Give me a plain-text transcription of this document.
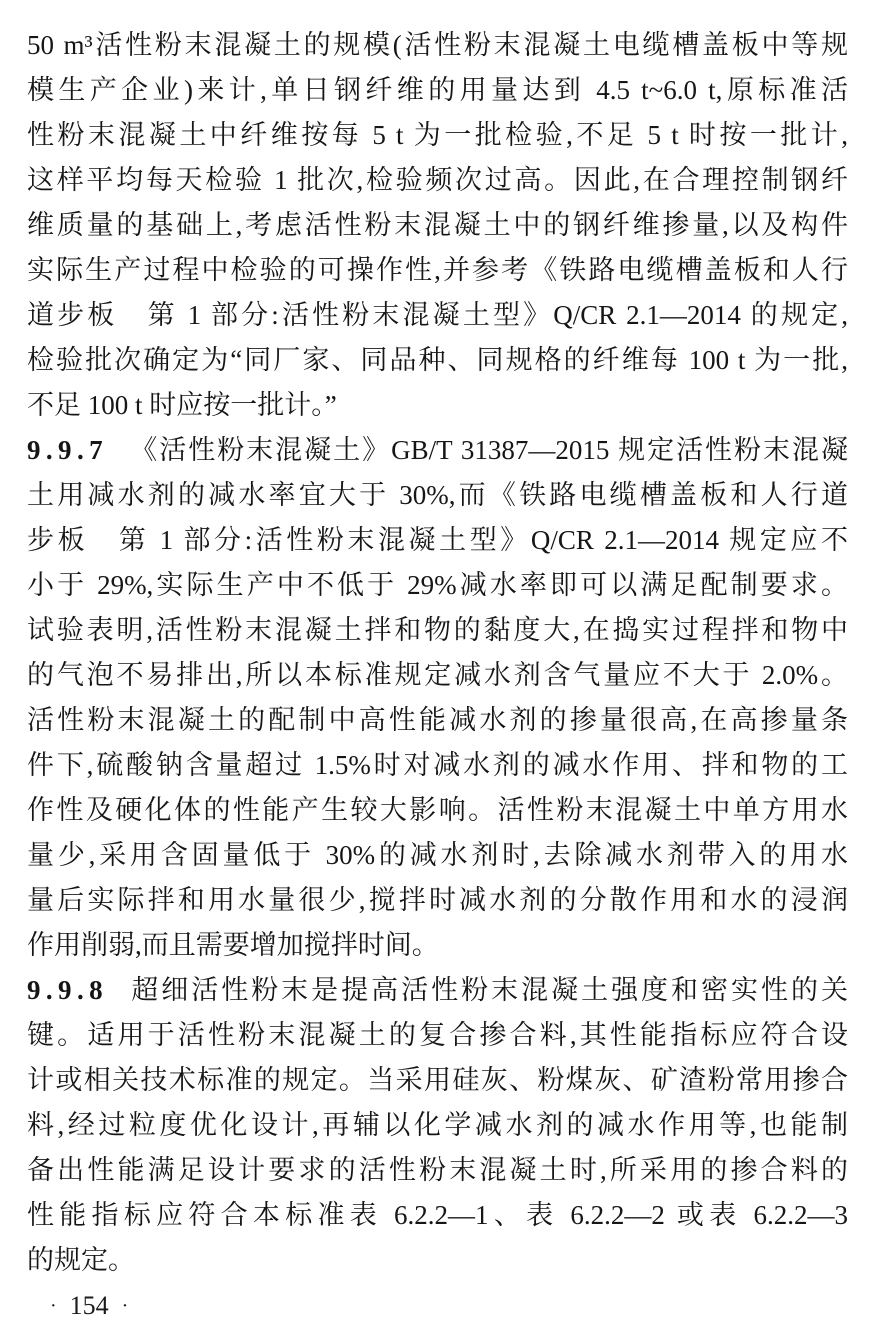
50 m³活性粉末混凝土的规模(活性粉末混凝土电缆槽盖板中等规
模生产企业)来计,单日钢纤维的用量达到 4.5 t~6.0 t,原标准活
性粉末混凝土中纤维按每 5 t 为一批检验,不足 5 t 时按一批计,
这样平均每天检验 1 批次,检验频次过高。因此,在合理控制钢纤
维质量的基础上,考虑活性粉末混凝土中的钢纤维掺量,以及构件
实际生产过程中检验的可操作性,并参考《铁路电缆槽盖板和人行
道步板　第 1 部分:活性粉末混凝土型》Q/CR 2.1—2014 的规定,
检验批次确定为“同厂家、同品种、同规格的纤维每 100 t 为一批,
不足 100 t 时应按一批计。”
9.9.7 《活性粉末混凝土》GB/T 31387—2015 规定活性粉末混凝
土用减水剂的减水率宜大于 30%,而《铁路电缆槽盖板和人行道
步板　第 1 部分:活性粉末混凝土型》Q/CR 2.1—2014 规定应不
小于 29%,实际生产中不低于 29%减水率即可以满足配制要求。
试验表明,活性粉末混凝土拌和物的黏度大,在捣实过程拌和物中
的气泡不易排出,所以本标准规定减水剂含气量应不大于 2.0%。
活性粉末混凝土的配制中高性能减水剂的掺量很高,在高掺量条
件下,硫酸钠含量超过 1.5%时对减水剂的减水作用、拌和物的工
作性及硬化体的性能产生较大影响。活性粉末混凝土中单方用水
量少,采用含固量低于 30%的减水剂时,去除减水剂带入的用水
量后实际拌和用水量很少,搅拌时减水剂的分散作用和水的浸润
作用削弱,而且需要增加搅拌时间。
9.9.8 超细活性粉末是提高活性粉末混凝土强度和密实性的关
键。适用于活性粉末混凝土的复合掺合料,其性能指标应符合设
计或相关技术标准的规定。当采用硅灰、粉煤灰、矿渣粉常用掺合
料,经过粒度优化设计,再辅以化学减水剂的减水作用等,也能制
备出性能满足设计要求的活性粉末混凝土时,所采用的掺合料的
性能指标应符合本标准表 6.2.2—1、表 6.2.2—2 或表 6.2.2—3
的规定。
· 154 ·
